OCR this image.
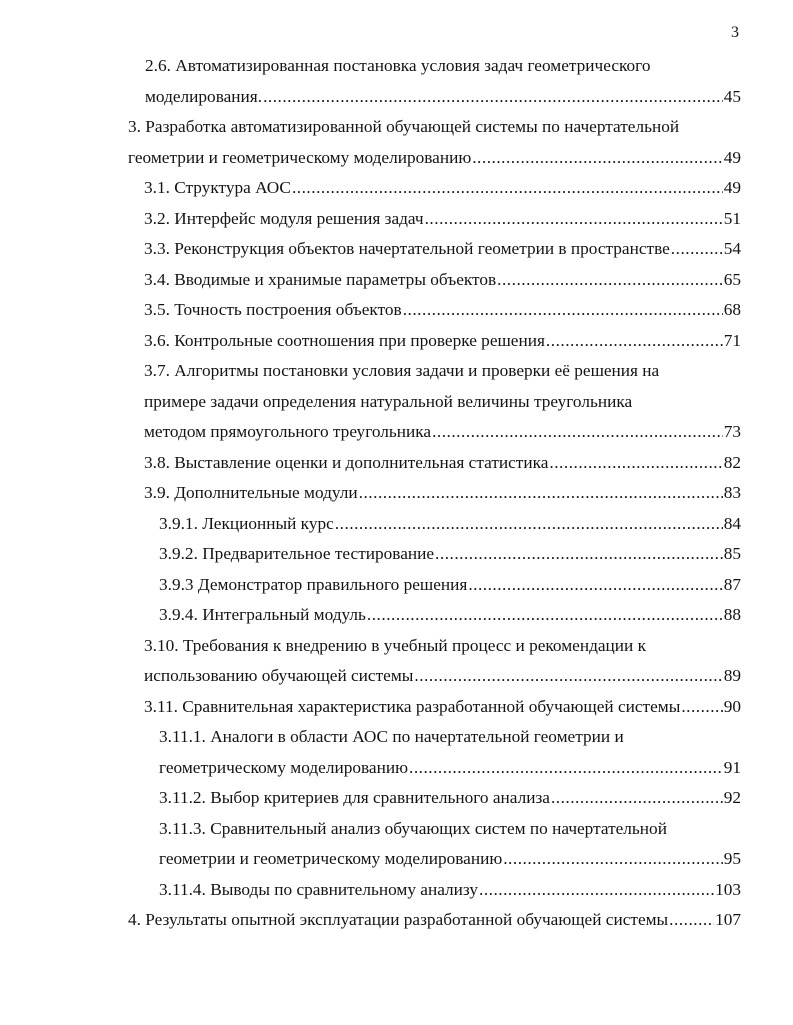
3
2.6. Автоматизированная постановка условия задач геометрического
моделирования. .....	45
3. Разработка автоматизированной обучающей системы по начертательной
геометрии и геометрическому моделированию .....	49
3.1. Структура АОС .....	49
3.2. Интерфейс модуля решения задач .....	51
3.3. Реконструкция объектов начертательной геометрии в пространстве .....	54
3.4. Вводимые и хранимые параметры объектов .....	65
3.5. Точность построения объектов .....	68
3.6. Контрольные соотношения при проверке решения .....	71
3.7. Алгоритмы постановки условия задачи и проверки её решения на
примере задачи определения натуральной величины треугольника
методом прямоугольного треугольника .....	73
3.8. Выставление оценки и дополнительная статистика .....	82
3.9. Дополнительные модули .....	83
3.9.1. Лекционный курс .....	84
3.9.2. Предварительное тестирование .....	85
3.9.3 Демонстратор правильного решения .....	87
3.9.4. Интегральный модуль .....	88
3.10. Требования к внедрению в учебный процесс и рекомендации к
использованию обучающей системы .....	89
3.11. Сравнительная характеристика разработанной обучающей системы .....	90
3.11.1. Аналоги в области АОС по начертательной геометрии и
геометрическому моделированию .....	91
3.11.2. Выбор критериев для сравнительного анализа .....	92
3.11.3. Сравнительный анализ обучающих систем по начертательной
геометрии и геометрическому моделированию .....	95
3.11.4. Выводы по сравнительному анализу .....	103
4. Результаты опытной эксплуатации разработанной обучающей системы .....	107
